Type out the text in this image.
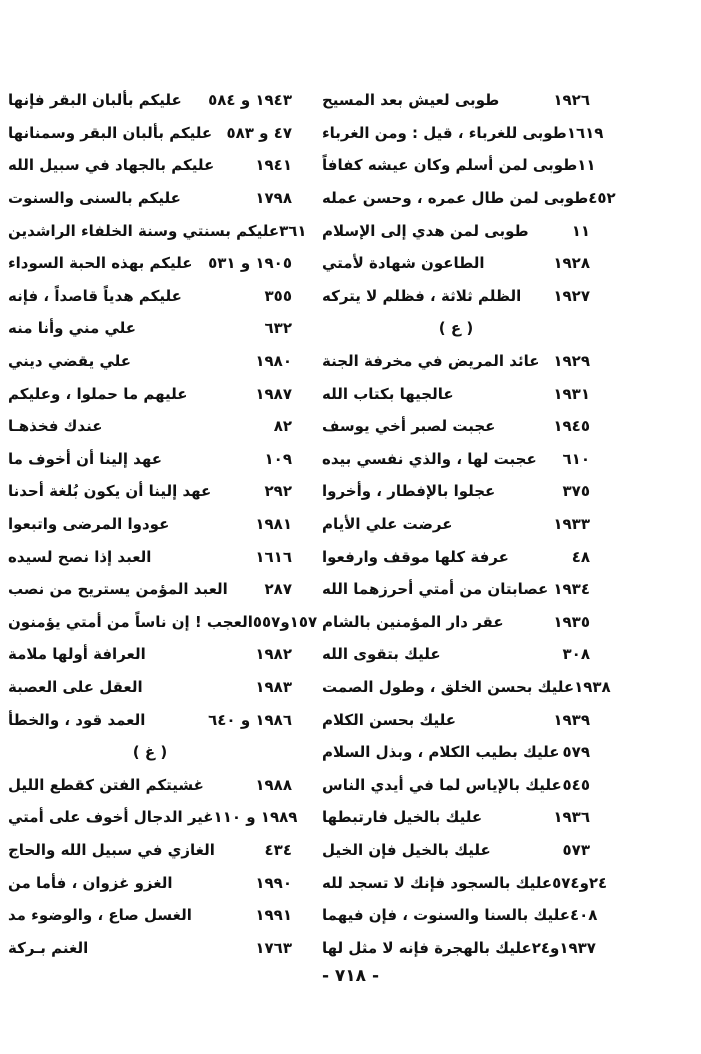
طوبى لعيش بعد المسيح	١٩٢٦
طوبى للغرباء ، قيل : ومن الغرباء ١٦١٩
طوبى لمن أسلم وكان عيشه كفافاً ١١
طوبى لمن طال عمره ، وحسن عمله ٤٥٢
طوبى لمن هدي إلى الإسلام	١١
الطاعون شهادة لأمتي	١٩٢٨
الظلم ثلاثة ، فظلم لا يتركه ١٩٢٧
( ع )
عائد المريض في مخرفة الجنة ١٩٢٩
عالجيها بكتاب الله	١٩٣١
عجبت لصبر أخي يوسف	١٩٤٥
عجبت لها ، والذي نفسي بيده ٦١٠
عجلوا بالإفطار ، وأخروا	٣٧٥
عرضت علي الأيام	١٩٣٣
عرفة كلها موقف وارفعوا	٤٨
عصابتان من أمتي أحرزهما الله ١٩٣٤
عقر دار المؤمنين بالشام	١٩٣٥
عليك بتقوى الله	٣٠٨
عليك بحسن الخلق ، وطول الصمت ١٩٣٨
عليك بحسن الكلام	١٩٣٩
عليك بطيب الكلام ، وبذل السلام ٥٧٩
عليك بالإياس لما في أيدي الناس ٥٤٥
عليك بالخيل فارتبطها	١٩٣٦
عليك بالخيل فإن الخيل	٥٧٣
عليك بالسجود فإنك لا تسجد لله ٢٤و٥٧٤
عليك بالسنا والسنوت ، فإن فيهما ٤٠٨
عليك بالهجرة فإنه لا مثل لها ١٩٣٧و٢٤
عليكم بألبان البقر فإنها ١٩٤٣ و ٥٨٤
عليكم بألبان البقر وسمنانها ٤٧ و ٥٨٣
عليكم بالجهاد في سبيل الله	١٩٤١
عليكم بالسنى والسنوت	١٧٩٨
عليكم بسنتي وسنة الخلفاء الراشدين ٣٦١
عليكم بهذه الحبة السوداء ١٩٠٥ و ٥٣١
عليكم هدياً قاصداً ، فإنه	٣٥٥
علي مني وأنا منه	٦٣٢
علي يقضي ديني	١٩٨٠
عليهم ما حملوا ، وعليكم	١٩٨٧
عندك فخذهـا	٨٢
عهد إلينا أن أخوف ما	١٠٩
عهد إلينا أن يكون بُلغة أحدنا	٢٩٢
عودوا المرضى واتبعوا	١٩٨١
العبد إذا نصح لسيده	١٦١٦
العبد المؤمن يستريح من نصب ٢٨٧
العجب ! إن ناساً من أمتي يؤمنون ١٥٧و٥٥٧
العرافة أولها ملامة	١٩٨٢
العقل على العصبة	١٩٨٣
العمد قود ، والخطأ	١٩٨٦ و ٦٤٠
( غ )
غشيتكم الفتن كقطع الليل	١٩٨٨
غير الدجال أخوف على أمتي ١٩٨٩ و ١١٠
الغازي في سبيل الله والحاج	٤٣٤
الغزو غزوان ، فأما من	١٩٩٠
الغسل صاع ، والوضوء مد	١٩٩١
الغنم بـركة	١٧٦٣
- ٧١٨ -
